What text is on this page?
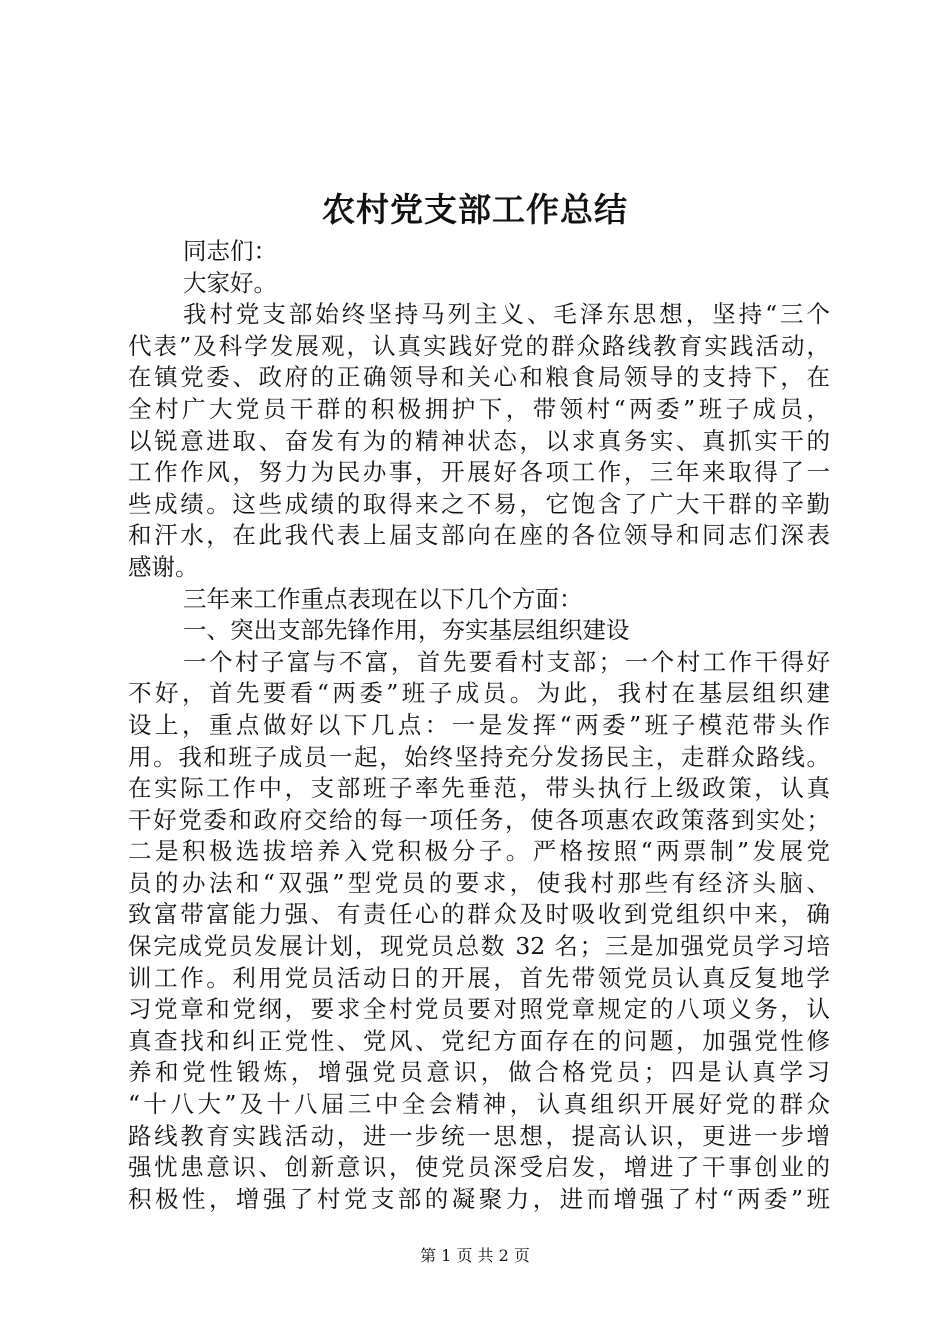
农村党支部工作总结
同志们：
大家好。
我村党支部始终坚持马列主义、毛泽东思想，坚持“三个
代表”及科学发展观，认真实践好党的群众路线教育实践活动，
在镇党委、政府的正确领导和关心和粮食局领导的支持下，在
全村广大党员干群的积极拥护下，带领村“两委”班子成员，
以锐意进取、奋发有为的精神状态，以求真务实、真抓实干的
工作作风，努力为民办事，开展好各项工作，三年来取得了一
些成绩。这些成绩的取得来之不易，它饱含了广大干群的辛勤
和汗水，在此我代表上届支部向在座的各位领导和同志们深表
感谢。
三年来工作重点表现在以下几个方面：
一、突出支部先锋作用，夯实基层组织建设
一个村子富与不富，首先要看村支部；一个村工作干得好
不好，首先要看“两委”班子成员。为此，我村在基层组织建
设上，重点做好以下几点：一是发挥“两委”班子模范带头作
用。我和班子成员一起，始终坚持充分发扬民主，走群众路线。
在实际工作中，支部班子率先垂范，带头执行上级政策，认真
干好党委和政府交给的每一项任务，使各项惠农政策落到实处；
二是积极选拔培养入党积极分子。严格按照“两票制”发展党
员的办法和“双强”型党员的要求，使我村那些有经济头脑、
致富带富能力强、有责任心的群众及时吸收到党组织中来，确
保完成党员发展计划，现党员总数 32 名；三是加强党员学习培
训工作。利用党员活动日的开展，首先带领党员认真反复地学
习党章和党纲，要求全村党员要对照党章规定的八项义务，认
真查找和纠正党性、党风、党纪方面存在的问题，加强党性修
养和党性锻炼，增强党员意识，做合格党员；四是认真学习
“十八大”及十八届三中全会精神，认真组织开展好党的群众
路线教育实践活动，进一步统一思想，提高认识，更进一步增
强忧患意识、创新意识，使党员深受启发，增进了干事创业的
积极性，增强了村党支部的凝聚力，进而增强了村“两委”班
第 1 页 共 2 页
